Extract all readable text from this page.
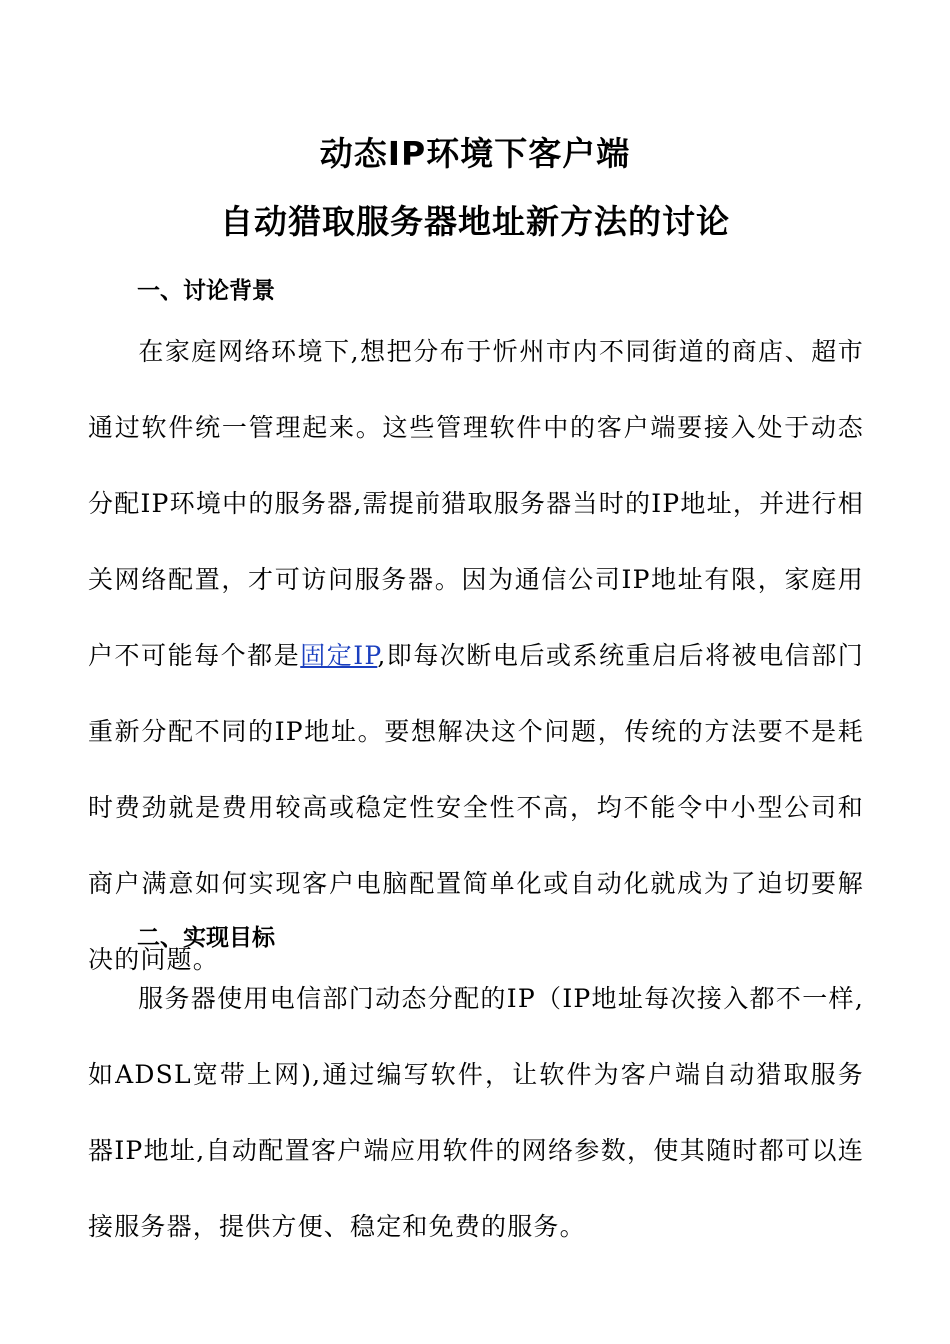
动态IP环境下客户端
自动猎取服务器地址新方法的讨论
一、讨论背景

在家庭网络环境下,想把分布于忻州市内不同街道的商店、超市通过软件统一管理起来。这些管理软件中的客户端要接入处于动态分配IP环境中的服务器,需提前猎取服务器当时的IP地址，并进行相关网络配置，才可访问服务器。因为通信公司IP地址有限，家庭用户不可能每个都是固定IP,即每次断电后或系统重启后将被电信部门重新分配不同的IP地址。要想解决这个问题，传统的方法要不是耗时费劲就是费用较高或稳定性安全性不高，均不能令中小型公司和商户满意如何实现客户电脑配置简单化或自动化就成为了迫切要解决的问题。

二、实现目标

服务器使用电信部门动态分配的IP（IP地址每次接入都不一样,如ADSL宽带上网),通过编写软件，让软件为客户端自动猎取服务器IP地址,自动配置客户端应用软件的网络参数，使其随时都可以连接服务器，提供方便、稳定和免费的服务。
